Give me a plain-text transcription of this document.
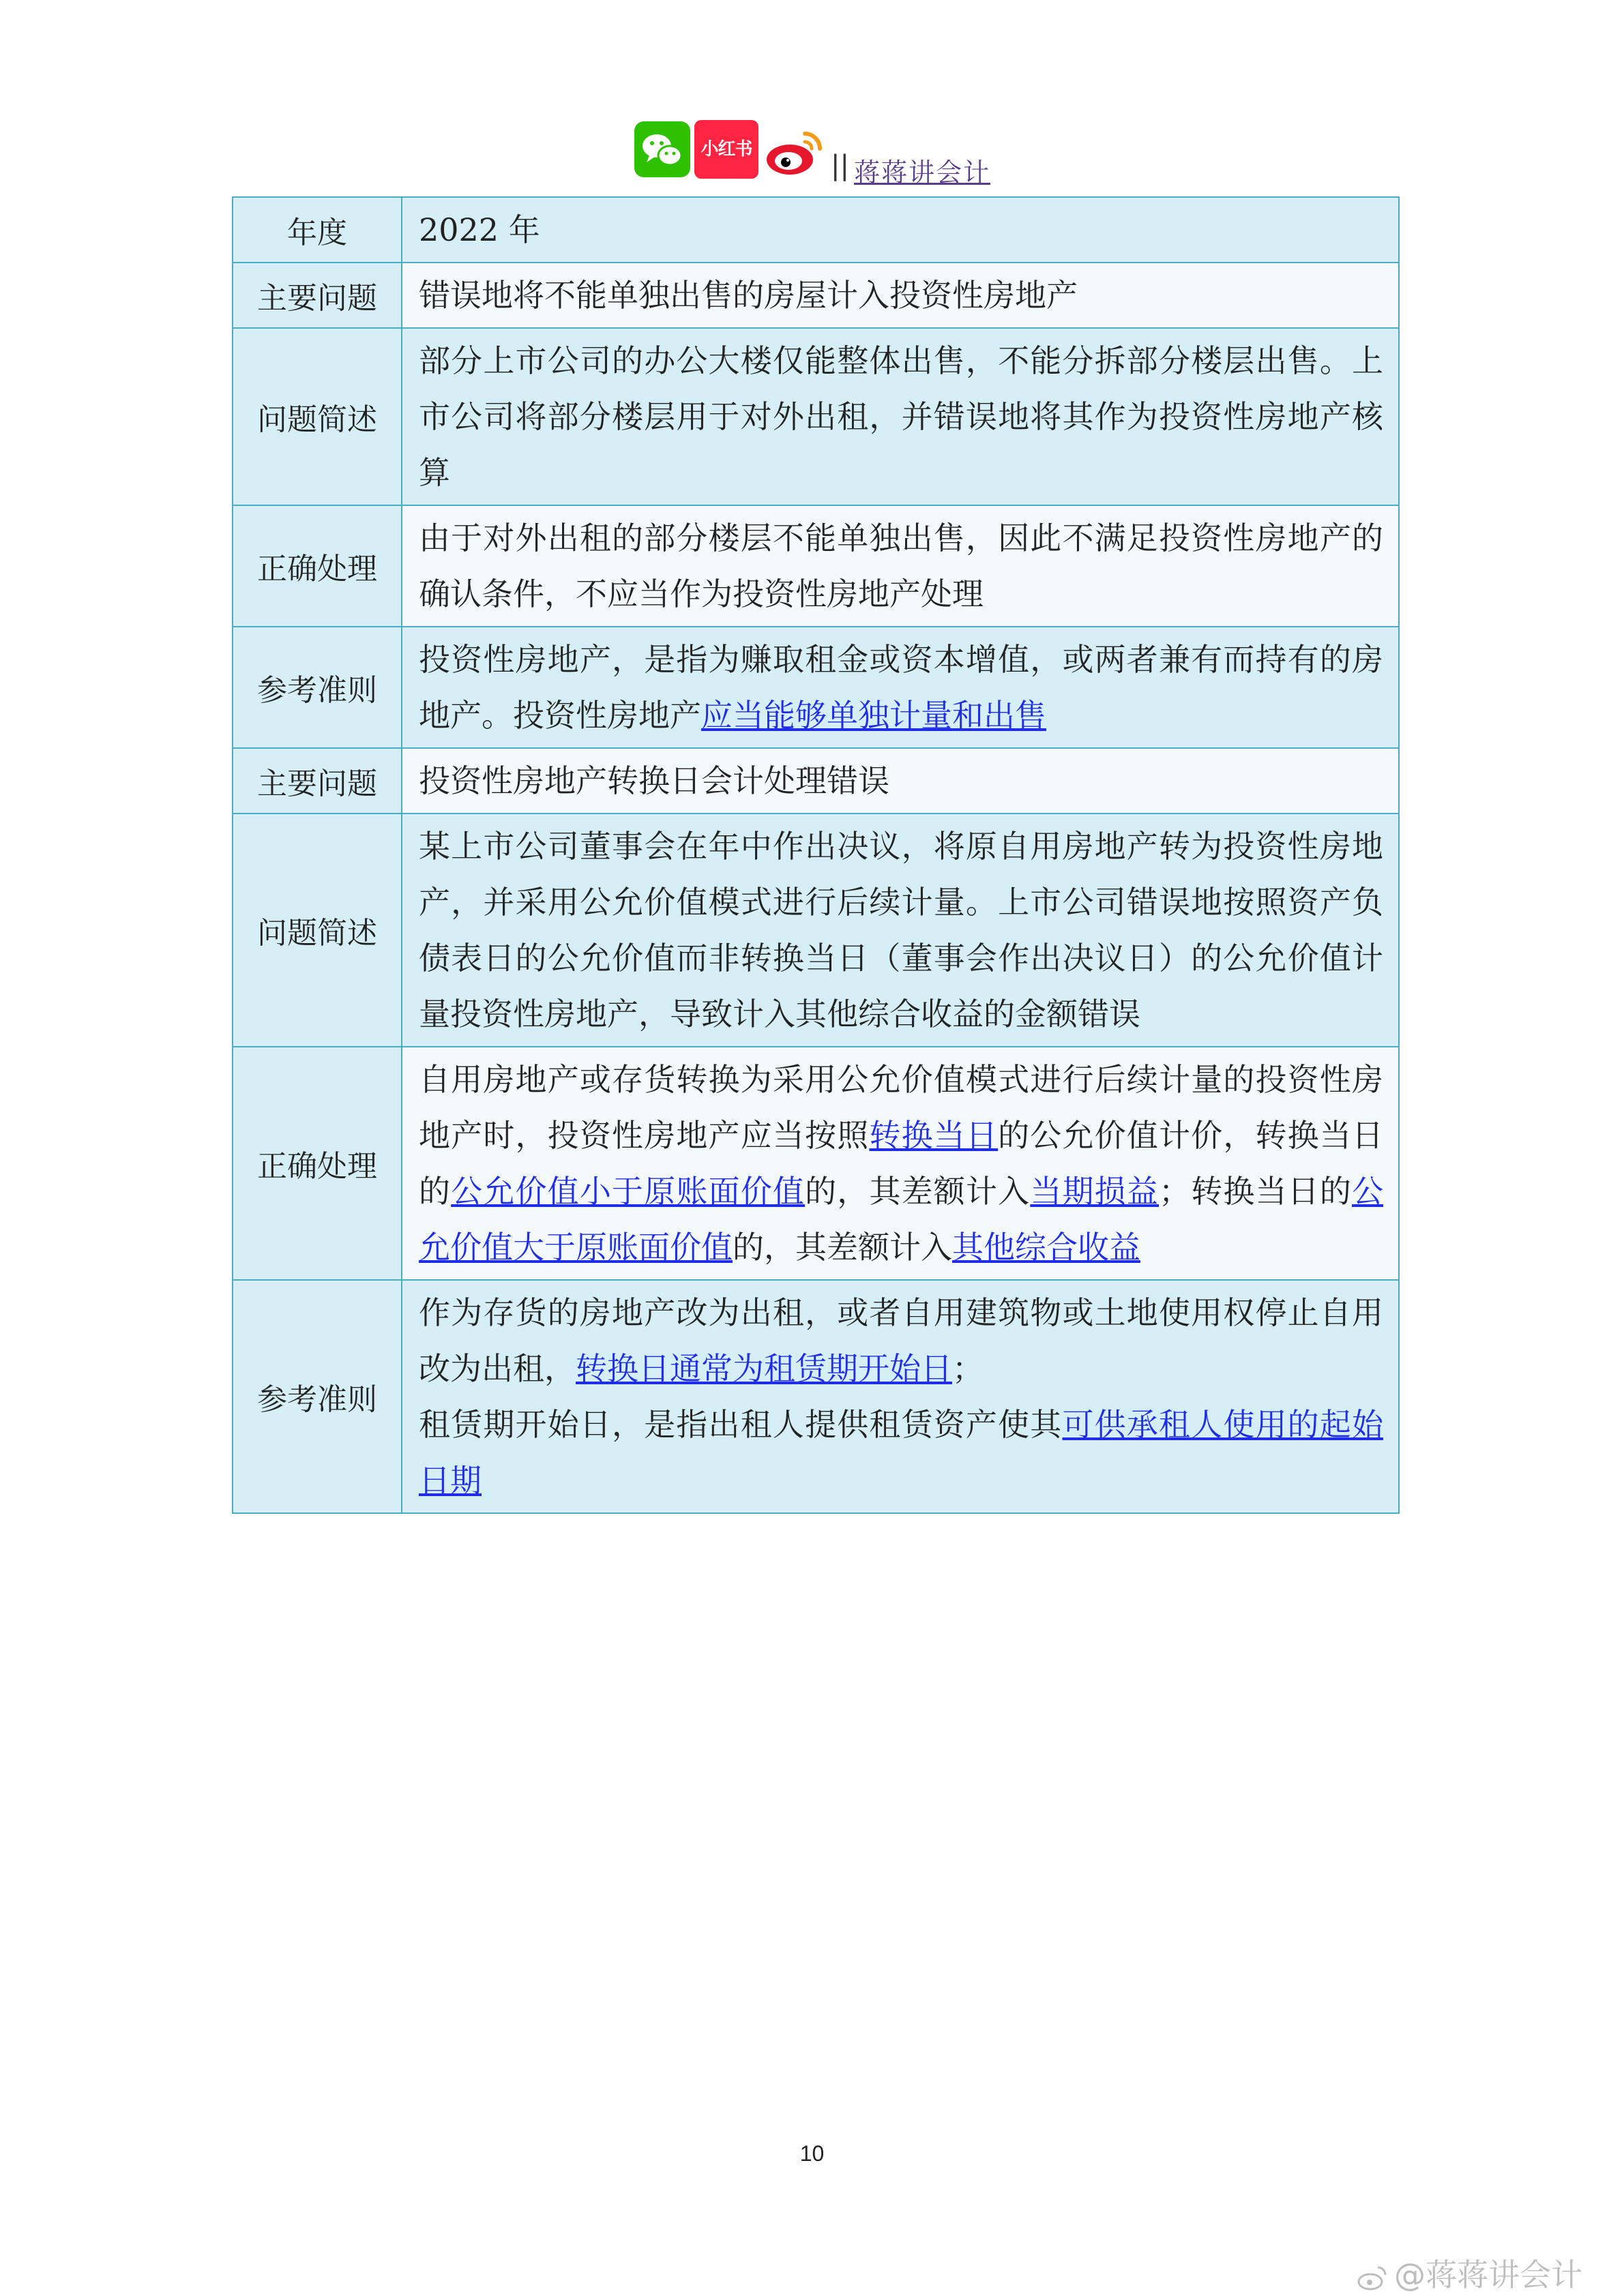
小红书
|| 蒋蒋讲会计
年度	2022 年
主要问题	错误地将不能单独出售的房屋计入投资性房地产
问题简述	部分上市公司的办公大楼仅能整体出售，不能分拆部分楼层出售。上市公司将部分楼层用于对外出租，并错误地将其作为投资性房地产核算
正确处理	由于对外出租的部分楼层不能单独出售，因此不满足投资性房地产的确认条件，不应当作为投资性房地产处理
参考准则	投资性房地产，是指为赚取租金或资本增值，或两者兼有而持有的房地产。投资性房地产应当能够单独计量和出售
主要问题	投资性房地产转换日会计处理错误
问题简述	某上市公司董事会在年中作出决议，将原自用房地产转为投资性房地产，并采用公允价值模式进行后续计量。上市公司错误地按照资产负债表日的公允价值而非转换当日（董事会作出决议日）的公允价值计量投资性房地产，导致计入其他综合收益的金额错误
正确处理	自用房地产或存货转换为采用公允价值模式进行后续计量的投资性房地产时，投资性房地产应当按照转换当日的公允价值计价，转换当日的公允价值小于原账面价值的，其差额计入当期损益；转换当日的公允价值大于原账面价值的，其差额计入其他综合收益
参考准则	作为存货的房地产改为出租，或者自用建筑物或土地使用权停止自用改为出租，转换日通常为租赁期开始日；
租赁期开始日，是指出租人提供租赁资产使其可供承租人使用的起始日期
10
@蒋蒋讲会计
